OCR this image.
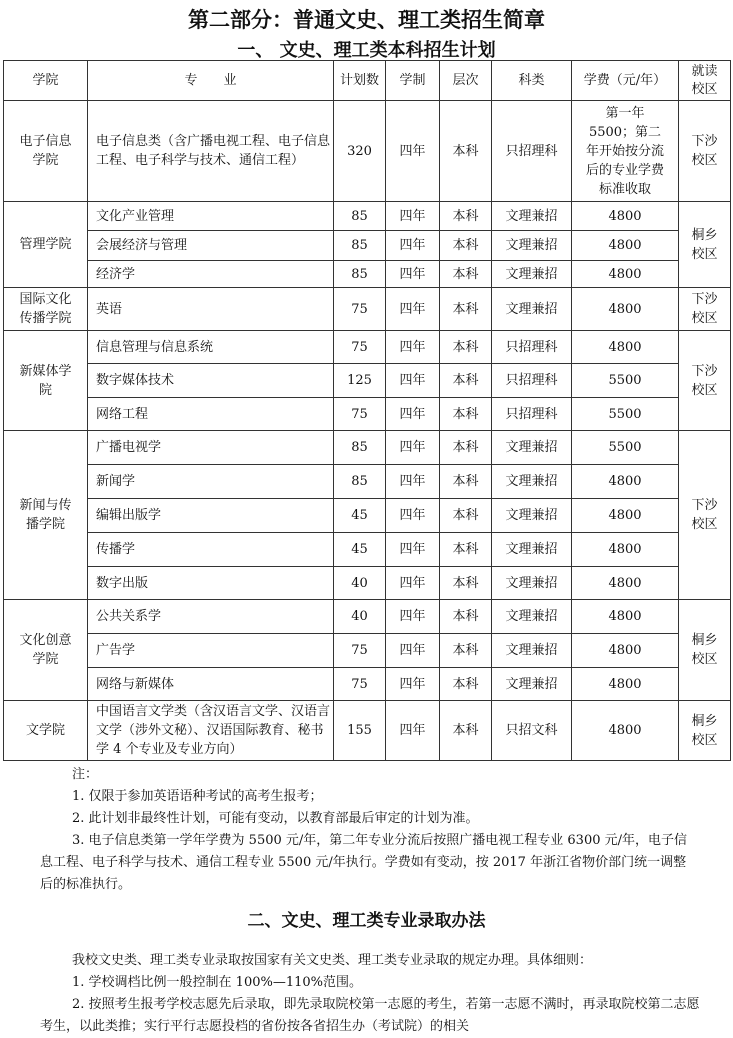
第二部分：普通文史、理工类招生简章
一、 文史、理工类本科招生计划
学院	专　　业	计划数	学制	层次	科类	学费（元/年）	就读校区
电子信息学院	电子信息类（含广播电视工程、电子信息工程、电子科学与技术、通信工程）	320	四年	本科	只招理科	第一年 5500；第二年开始按分流后的专业学费标准收取	下沙校区
管理学院	文化产业管理	85	四年	本科	文理兼招	4800	桐乡校区
	会展经济与管理	85	四年	本科	文理兼招	4800	
	经济学	85	四年	本科	文理兼招	4800	
国际文化传播学院	英语	75	四年	本科	文理兼招	4800	下沙校区
新媒体学院	信息管理与信息系统	75	四年	本科	只招理科	4800	下沙校区
	数字媒体技术	125	四年	本科	只招理科	5500	
	网络工程	75	四年	本科	只招理科	5500	
新闻与传播学院	广播电视学	85	四年	本科	文理兼招	5500	下沙校区
	新闻学	85	四年	本科	文理兼招	4800	
	编辑出版学	45	四年	本科	文理兼招	4800	
	传播学	45	四年	本科	文理兼招	4800	
	数字出版	40	四年	本科	文理兼招	4800	
文化创意学院	公共关系学	40	四年	本科	文理兼招	4800	桐乡校区
	广告学	75	四年	本科	文理兼招	4800	
	网络与新媒体	75	四年	本科	文理兼招	4800	
文学院	中国语言文学类（含汉语言文学、汉语言文学（涉外文秘）、汉语国际教育、秘书学 4 个专业及专业方向）	155	四年	本科	只招文科	4800	桐乡校区

注：

1. 仅限于参加英语语种考试的高考生报考；

2. 此计划非最终性计划，可能有变动，以教育部最后审定的计划为准。

3. 电子信息类第一学年学费为 5500 元/年，第二年专业分流后按照广播电视工程专业 6300 元/年，电子信息工程、电子科学与技术、通信工程专业 5500 元/年执行。学费如有变动，按 2017 年浙江省物价部门统一调整后的标准执行。

二、文史、理工类专业录取办法

我校文史类、理工类专业录取按国家有关文史类、理工类专业录取的规定办理。具体细则：

1. 学校调档比例一般控制在 100%—110%范围。

2. 按照考生报考学校志愿先后录取，即先录取院校第一志愿的考生，若第一志愿不满时，再录取院校第二志愿考生，以此类推；实行平行志愿投档的省份按各省招生办（考试院）的相关
